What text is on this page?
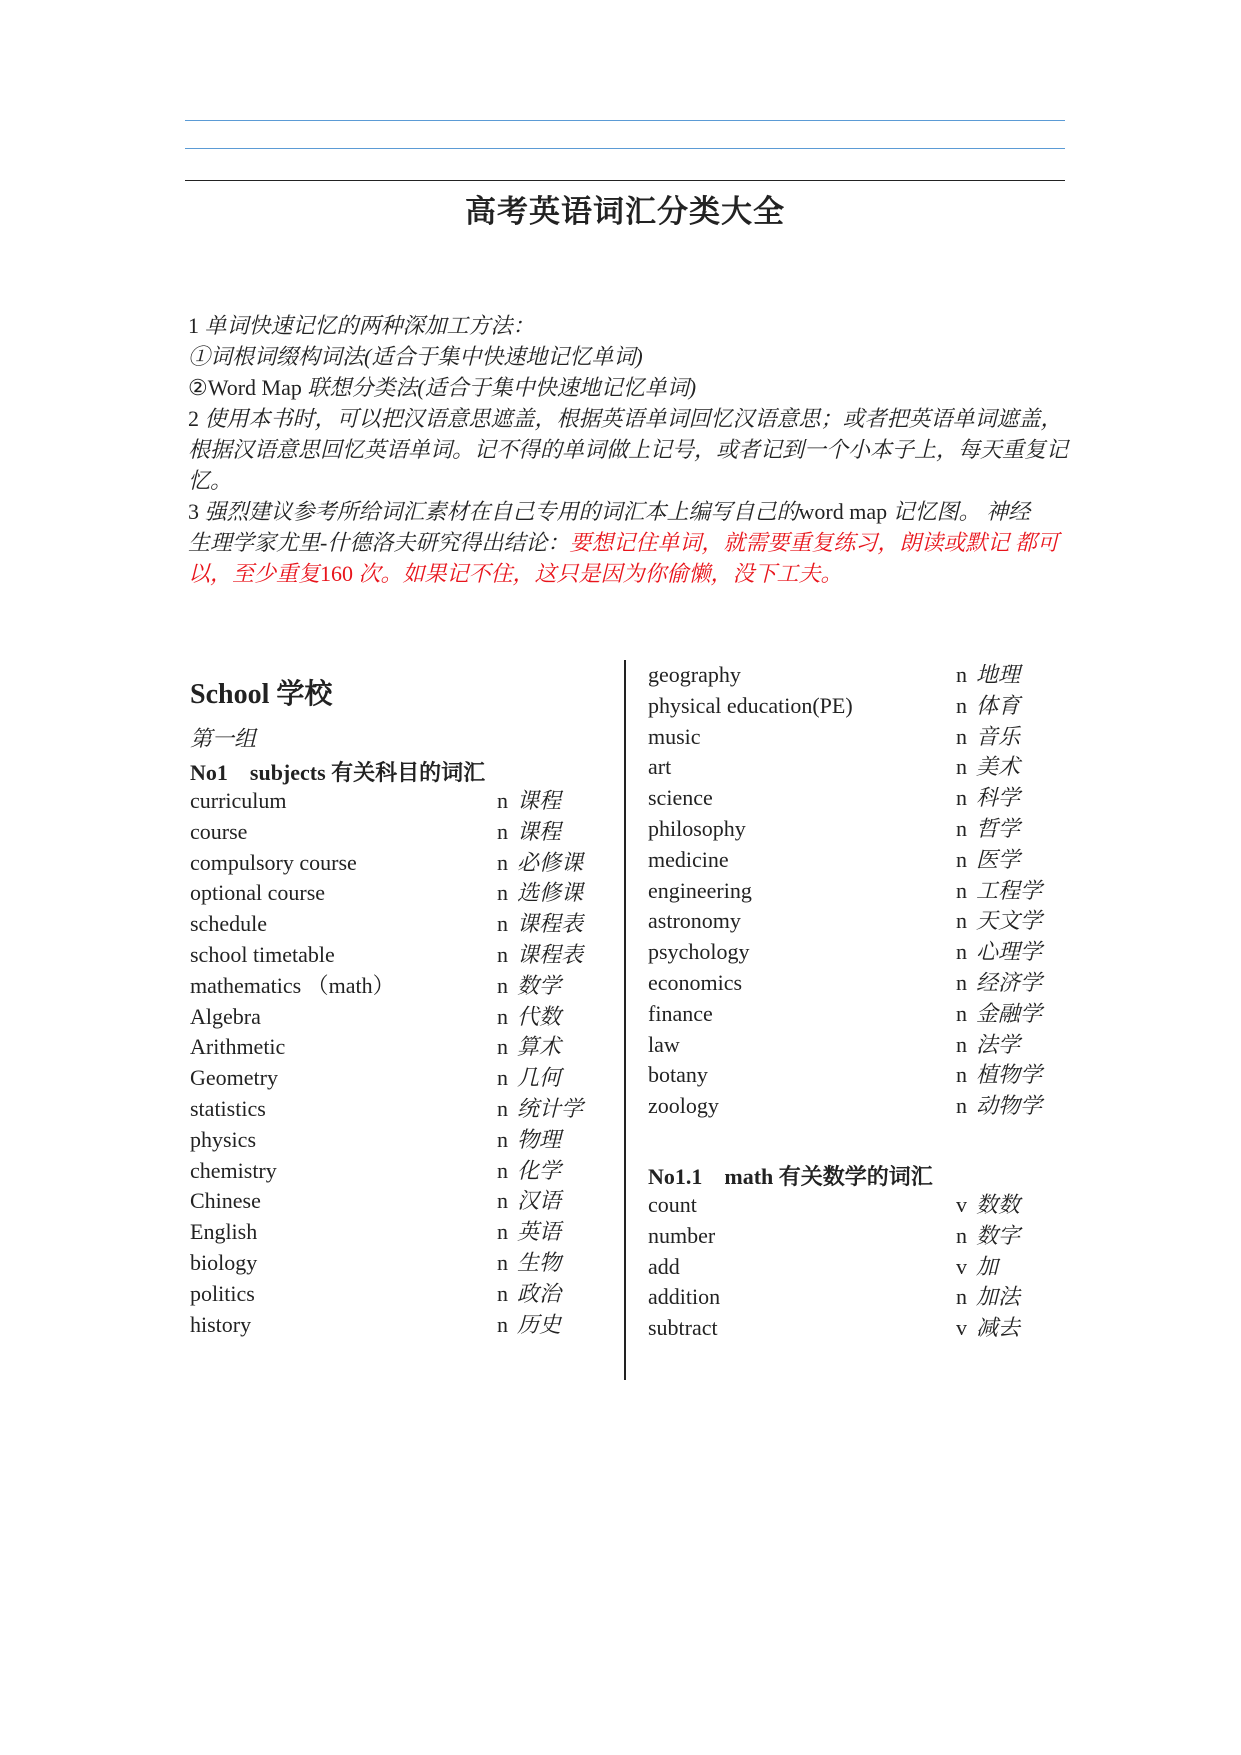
高考英语词汇分类大全
1 单词快速记忆的两种深加工方法：
①词根词缀构词法(适合于集中快速地记忆单词)
②Word Map 联想分类法(适合于集中快速地记忆单词)
2 使用本书时，可以把汉语意思遮盖，根据英语单词回忆汉语意思；或者把英语单词遮盖，
根据汉语意思回忆英语单词。记不得的单词做上记号，或者记到一个小本子上，每天重复记
忆。
3 强烈建议参考所给词汇素材在自己专用的词汇本上编写自己的word map 记忆图。 神经
生理学家尤里-什德洛夫研究得出结论：要想记住单词，就需要重复练习，朗读或默记 都可
以，至少重复160 次。如果记不住，这只是因为你偷懒，没下工夫。
School 学校

第一组

No1 subjects 有关科目的词汇
curriculum	n 课程
course	n 课程
compulsory course	n 必修课
optional course	n 选修课
schedule	n 课程表
school timetable	n 课程表
mathematics （math）	n 数学
Algebra	n 代数
Arithmetic	n 算术
Geometry	n 几何
statistics	n 统计学
physics	n 物理
chemistry	n 化学
Chinese	n 汉语
English	n 英语
biology	n 生物
politics	n 政治
history	n 历史
geography	n 地理
physical education(PE)	n 体育
music	n 音乐
art	n 美术
science	n 科学
philosophy	n 哲学
medicine	n 医学
engineering	n 工程学
astronomy	n 天文学
psychology	n 心理学
economics	n 经济学
finance	n 金融学
law	n 法学
botany	n 植物学
zoology	n 动物学
No1.1 math 有关数学的词汇
count	v 数数
number	n 数字
add	v 加
addition	n 加法
subtract	v 减去
